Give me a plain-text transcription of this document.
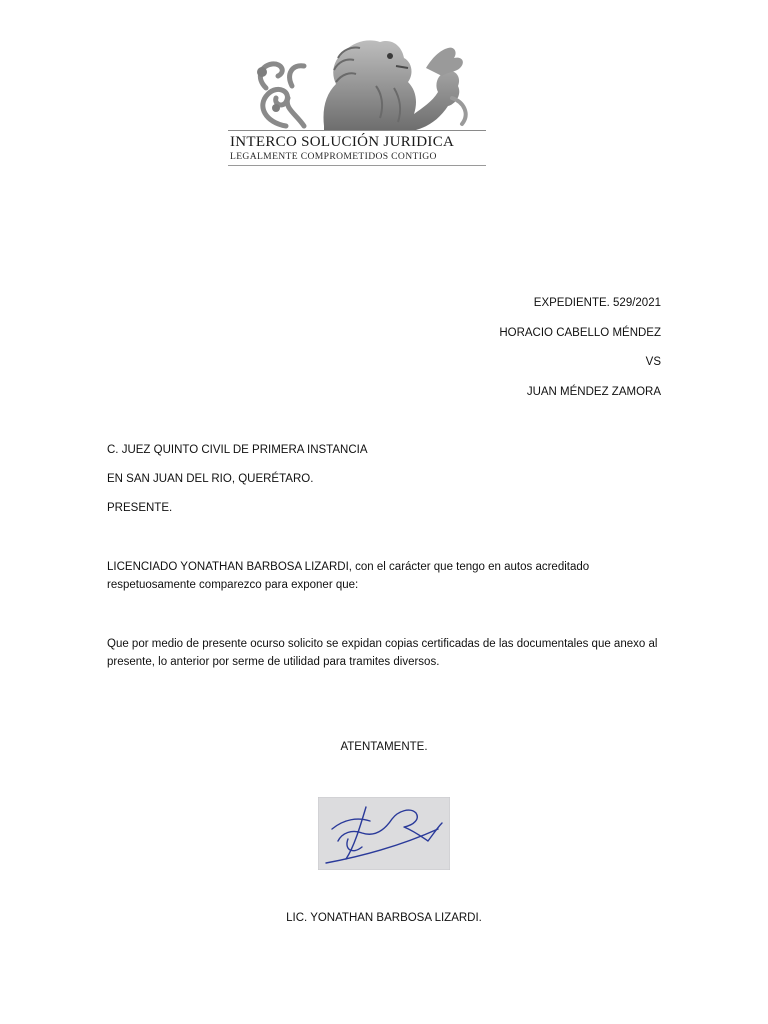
INTERCO SOLUCIÓN JURIDICA
LEGALMENTE COMPROMETIDOS CONTIGO
EXPEDIENTE. 529/2021
HORACIO CABELLO MÉNDEZ
VS
JUAN MÉNDEZ ZAMORA
C. JUEZ QUINTO CIVIL DE PRIMERA INSTANCIA
EN SAN JUAN DEL RIO, QUERÉTARO.
PRESENTE.
LICENCIADO YONATHAN BARBOSA LIZARDI, con el carácter que tengo en autos acreditado respetuosamente comparezco para exponer que:
Que por medio de presente ocurso solicito se expidan copias certificadas de las documentales que anexo al presente, lo anterior por serme de utilidad para tramites diversos.
ATENTAMENTE.
LIC. YONATHAN BARBOSA LIZARDI.
